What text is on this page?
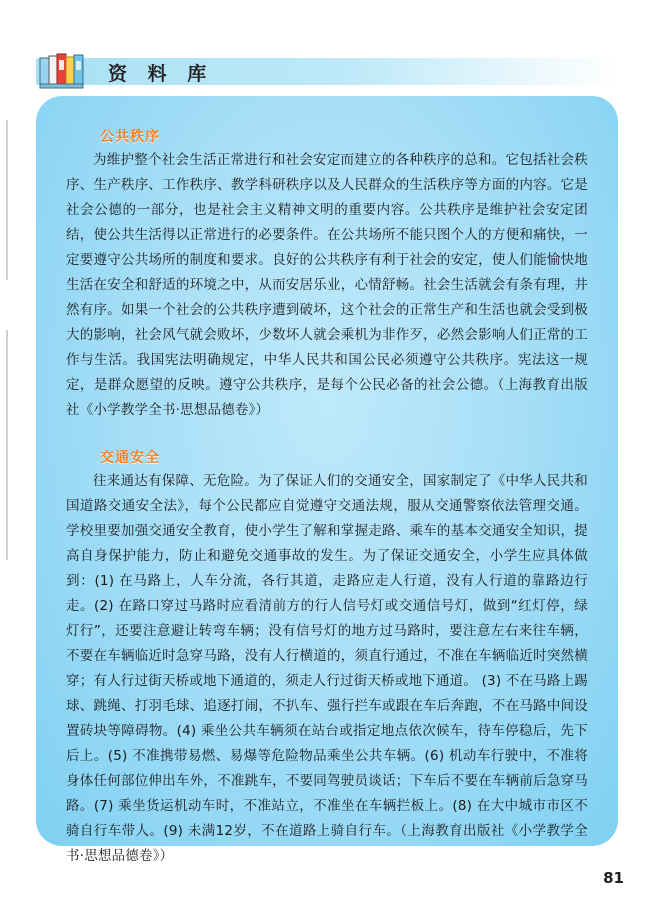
资 料 库
公共秩序

为维护整个社会生活正常进行和社会安定而建立的各种秩序的总和。它包括社会秩序、生产秩序、工作秩序、教学科研秩序以及人民群众的生活秩序等方面的内容。它是社会公德的一部分，也是社会主义精神文明的重要内容。公共秩序是维护社会安定团结，使公共生活得以正常进行的必要条件。在公共场所不能只图个人的方便和痛快，一定要遵守公共场所的制度和要求。良好的公共秩序有利于社会的安定，使人们能愉快地生活在安全和舒适的环境之中，从而安居乐业，心情舒畅。社会生活就会有条有理，井然有序。如果一个社会的公共秩序遭到破坏，这个社会的正常生产和生活也就会受到极大的影响，社会风气就会败坏，少数坏人就会乘机为非作歹，必然会影响人们正常的工作与生活。我国宪法明确规定，中华人民共和国公民必须遵守公共秩序。宪法这一规定，是群众愿望的反映。遵守公共秩序，是每个公民必备的社会公德。（上海教育出版社《小学教学全书·思想品德卷》）

交通安全

往来通达有保障、无危险。为了保证人们的交通安全，国家制定了《中华人民共和国道路交通安全法》，每个公民都应自觉遵守交通法规，服从交通警察依法管理交通。学校里要加强交通安全教育，使小学生了解和掌握走路、乘车的基本交通安全知识，提高自身保护能力，防止和避免交通事故的发生。为了保证交通安全，小学生应具体做到：(1) 在马路上，人车分流，各行其道，走路应走人行道，没有人行道的靠路边行走。(2) 在路口穿过马路时应看清前方的行人信号灯或交通信号灯，做到“红灯停，绿灯行”，还要注意避让转弯车辆；没有信号灯的地方过马路时，要注意左右来往车辆，不要在车辆临近时急穿马路，没有人行横道的，须直行通过，不准在车辆临近时突然横穿；有人行过街天桥或地下通道的，须走人行过街天桥或地下通道。 (3) 不在马路上踢球、跳绳、打羽毛球、追逐打闹，不扒车、强行拦车或跟在车后奔跑，不在马路中间设置砖块等障碍物。(4) 乘坐公共车辆须在站台或指定地点依次候车，待车停稳后，先下后上。(5) 不准携带易燃、易爆等危险物品乘坐公共车辆。(6) 机动车行驶中，不准将身体任何部位伸出车外，不准跳车，不要同驾驶员谈话；下车后不要在车辆前后急穿马路。(7) 乘坐货运机动车时，不准站立，不准坐在车辆拦板上。(8) 在大中城市市区不骑自行车带人。(9) 未满12岁，不在道路上骑自行车。（上海教育出版社《小学教学全书·思想品德卷》）

81
